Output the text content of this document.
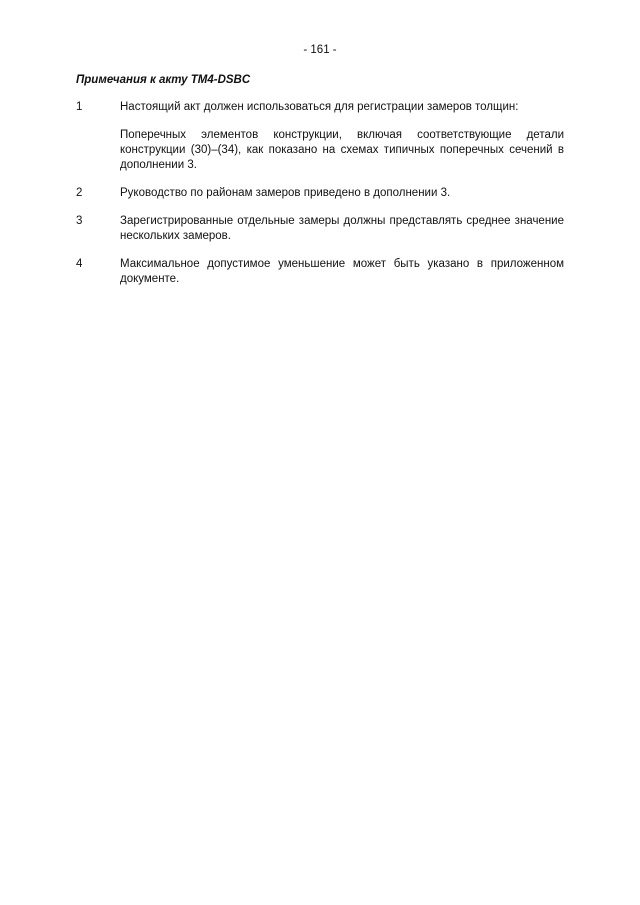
- 161 -
Примечания к акту TM4-DSBC
1	Настоящий акт должен использоваться для регистрации замеров толщин:

Поперечных элементов конструкции, включая соответствующие детали конструкции (30)–(34), как показано на схемах типичных поперечных сечений в дополнении 3.

2	Руководство по районам замеров приведено в дополнении 3.

3	Зарегистрированные отдельные замеры должны представлять среднее значение нескольких замеров.

4	Максимальное допустимое уменьшение может быть указано в приложенном документе.
